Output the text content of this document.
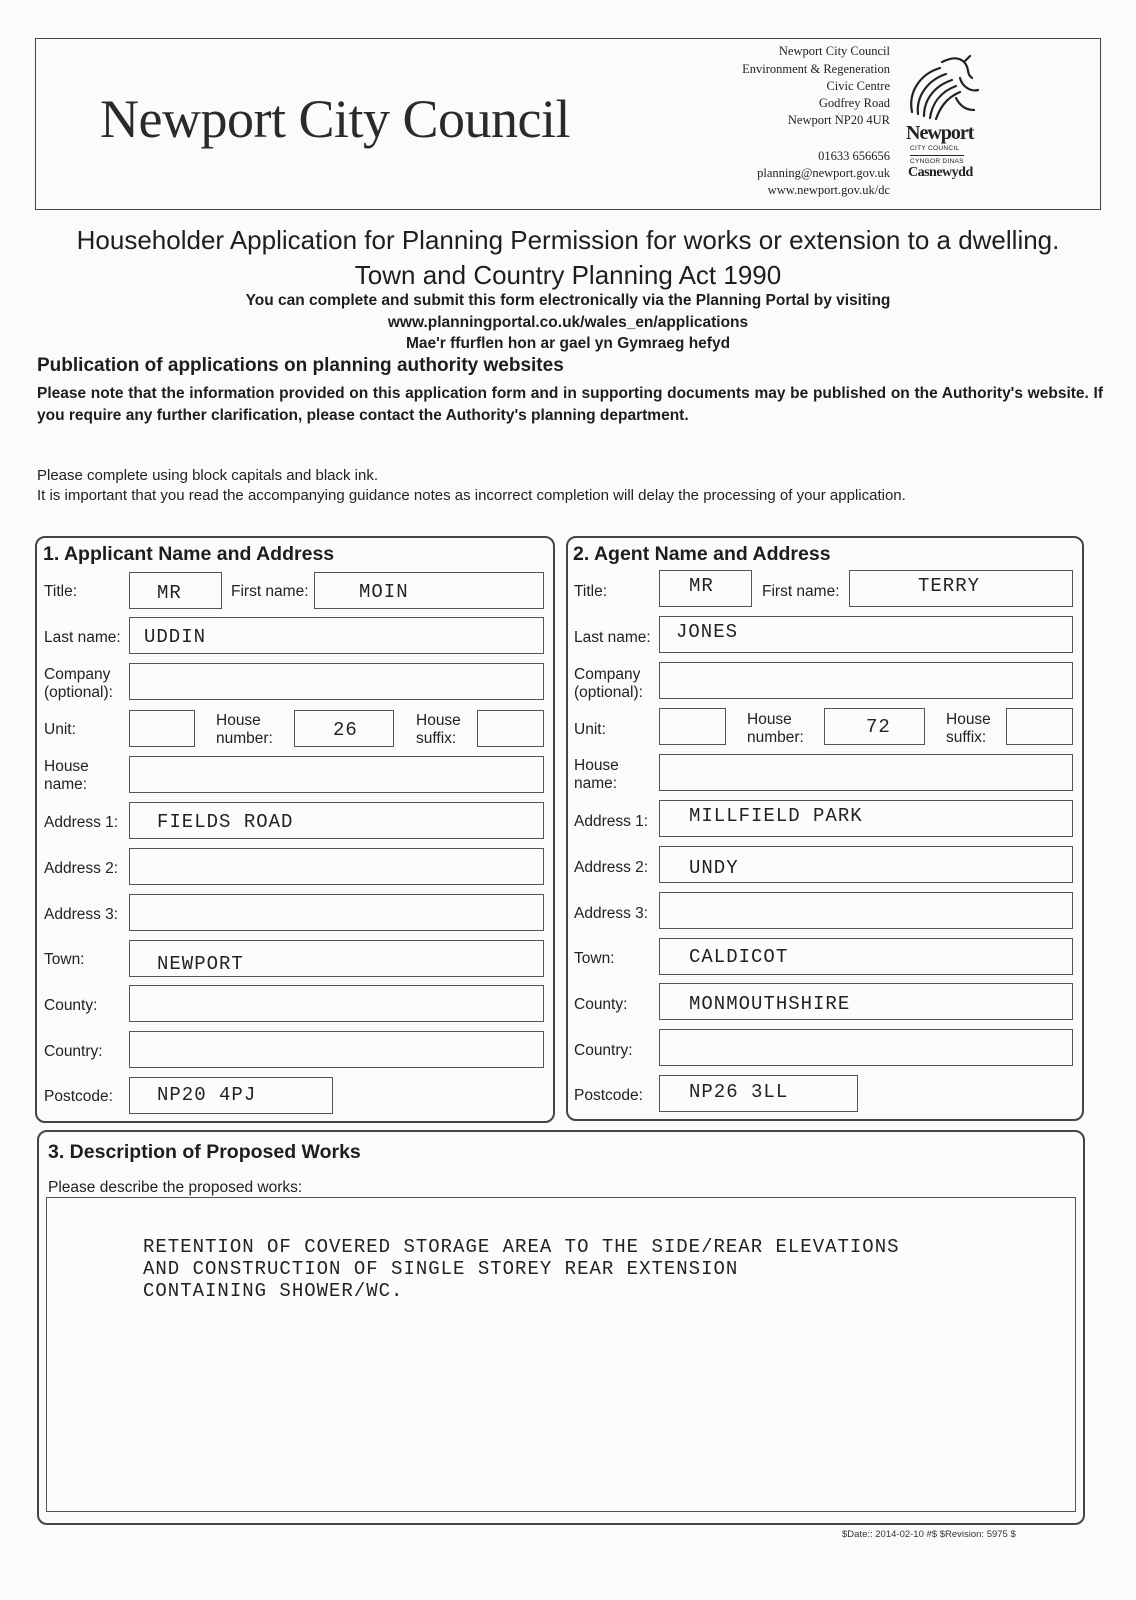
Newport City Council
Newport City Council
Environment & Regeneration
Civic Centre
Godfrey Road
Newport NP20 4UR
01633 656656
planning@newport.gov.uk
www.newport.gov.uk/dc
Newport
CITY COUNCIL
CYNGOR DINAS
Casnewydd
Householder Application for Planning Permission for works or extension to a dwelling.
Town and Country Planning Act 1990
You can complete and submit this form electronically via the Planning Portal by visiting
www.planningportal.co.uk/wales_en/applications
Mae'r ffurflen hon ar gael yn Gymraeg hefyd
Publication of applications on planning authority websites
Please note that the information provided on this application form and in supporting documents may be published on the Authority's website. If you require any further clarification, please contact the Authority's planning department.
Please complete using block capitals and black ink.
It is important that you read the accompanying guidance notes as incorrect completion will delay the processing of your application.
1. Applicant Name and Address
Title:	MR	First name:	MOIN
Last name: UDDIN
Company
(optional):
Unit:
House
number:	26	House
suffix:
House
name:
Address 1: FIELDS ROAD
Address 2:
Address 3:
Town:	NEWPORT
County:
Country:
Postcode: NP20 4PJ
2. Agent Name and Address
Title:	MR	First name:	TERRY
Last name: JONES
Company
(optional):
Unit:
House
number:	72	House
suffix:
House
name:
Address 1: MILLFIELD PARK
Address 2: UNDY
Address 3:
Town:	CALDICOT
County:	MONMOUTHSHIRE
Country:
Postcode: NP26 3LL
3. Description of Proposed Works
Please describe the proposed works:
RETENTION OF COVERED STORAGE AREA TO THE SIDE/REAR ELEVATIONS
AND CONSTRUCTION OF SINGLE STOREY REAR EXTENSION
CONTAINING SHOWER/WC.
$Date:: 2014-02-10 #$ $Revision: 5975 $
